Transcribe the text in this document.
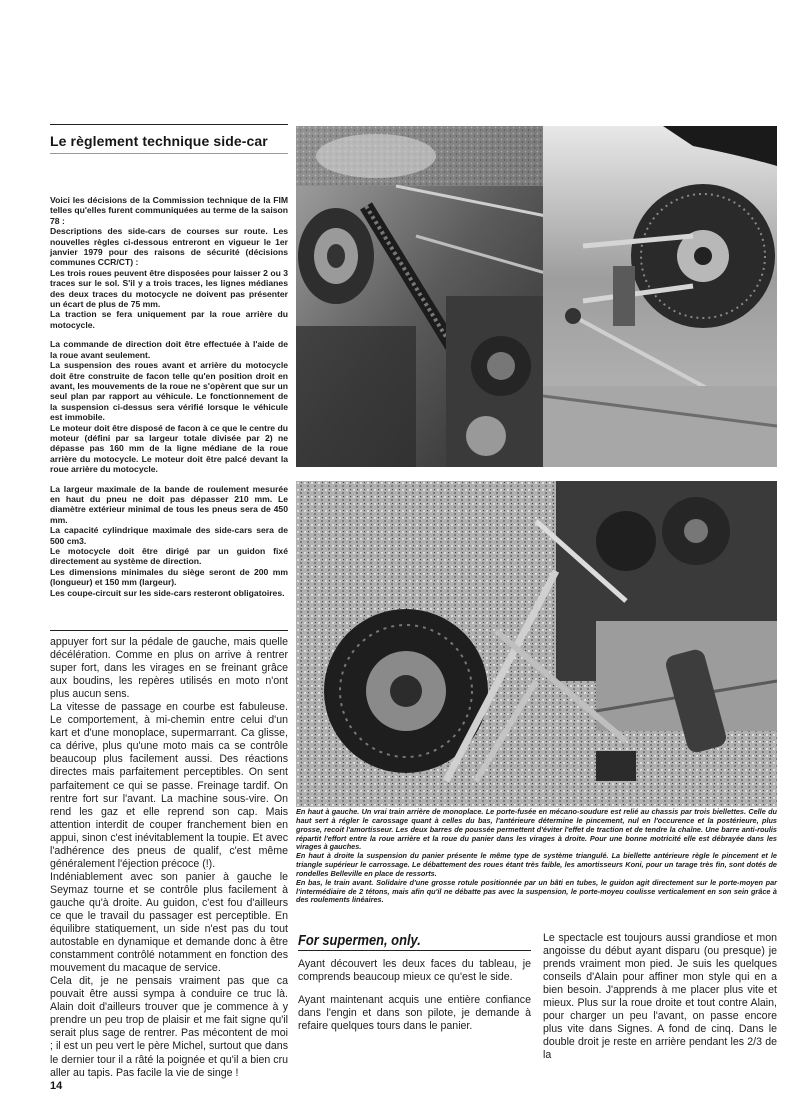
Le règlement technique side-car

Voici les décisions de la Commission technique de la FIM telles qu'elles furent communiquées au terme de la saison 78 :

Descriptions des side-cars de courses sur route. Les nouvelles règles ci-dessous entreront en vigueur le 1er janvier 1979 pour des raisons de sécurité (décisions communes CCR/CT) :

Les trois roues peuvent être disposées pour laisser 2 ou 3 traces sur le sol. S'il y a trois traces, les lignes médianes des deux traces du motocycle ne doivent pas présenter un écart de plus de 75 mm.

La traction se fera uniquement par la roue arrière du motocycle.

La commande de direction doit être effectuée à l'aide de la roue avant seulement.

La suspension des roues avant et arrière du motocycle doit être construite de facon telle qu'en position droit en avant, les mouvements de la roue ne s'opèrent que sur un seul plan par rapport au véhicule. Le fonctionnement de la suspension ci-dessus sera vérifié lorsque le véhicule est immobile.

Le moteur doit être disposé de facon à ce que le centre du moteur (défini par sa largeur totale divisée par 2) ne dépasse pas 160 mm de la ligne médiane de la roue arrière du motocycle. Le moteur doit être palcé devant la roue arrière du motocycle.

La largeur maximale de la bande de roulement mesurée en haut du pneu ne doit pas dépasser 210 mm. Le diamètre extérieur minimal de tous les pneus sera de 450 mm.

La capacité cylindrique maximale des side-cars sera de 500 cm3.

Le motocycle doit être dirigé par un guidon fixé directement au système de direction.

Les dimensions minimales du siège seront de 200 mm (longueur) et 150 mm (largeur).

Les coupe-circuit sur les side-cars resteront obligatoires.

appuyer fort sur la pédale de gauche, mais quelle décélération. Comme en plus on arrive à rentrer super fort, dans les virages en se freinant grâce aux boudins, les repères utilisés en moto n'ont plus aucun sens.

La vitesse de passage en courbe est fabuleuse. Le comportement, à mi-chemin entre celui d'un kart et d'une monoplace, supermarrant. Ca glisse, ca dérive, plus qu'une moto mais ca se contrôle beaucoup plus facilement aussi. Des réactions directes mais parfaitement perceptibles. On sent parfaitement ce qui se passe. Freinage tardif. On rentre fort sur l'avant. La machine sous-vire. On rend les gaz et elle reprend son cap. Mais attention interdit de couper franchement bien en appui, sinon c'est inévitablement la toupie. Et avec l'adhérence des pneus de qualif, c'est même généralement l'éjection précoce (!).

Indéniablement avec son panier à gauche le Seymaz tourne et se contrôle plus facilement à gauche qu'à droite. Au guidon, c'est fou d'ailleurs ce que le travail du passager est perceptible. En équilibre statiquement, un side n'est pas du tout autostable en dynamique et demande donc à être constamment contrôlé notamment en fonction des mouvement du macaque de service.

Cela dit, je ne pensais vraiment pas que ca pouvait être aussi sympa à conduire ce truc là. Alain doit d'ailleurs trouver que je commence à y prendre un peu trop de plaisir et me fait signe qu'il serait plus sage de rentrer. Pas mécontent de moi ; il est un peu vert le père Michel, surtout que dans le dernier tour il a râté la poignée et qu'il a bien cru aller au tapis. Pas facile la vie de singe !

14

En haut à gauche. Un vrai train arrière de monoplace. Le porte-fusée en mécano-soudure est relié au chassis par trois biellettes. Celle du haut sert à régler le carossage quant à celles du bas, l'antérieure détermine le pincement, nul en l'occurence et la postérieure, plus grosse, recoit l'amortisseur. Les deux barres de poussée permettent d'éviter l'effet de traction et de tendre la chaîne. Une barre anti-roulis répartit l'effort entre la roue arrière et la roue du panier dans les virages à droite. Pour une bonne motricité elle est débrayée dans les virages à gauches.

En haut à droite la suspension du panier présente le même type de système triangulé. La biellette antérieure règle le pincement et le triangle supérieur le carrossage. Le débattement des roues étant très faible, les amortisseurs Koni, pour un tarage très fin, sont dotés de rondelles Belleville en place de ressorts.

En bas, le train avant. Solidaire d'une grosse rotule positionnée par un bâti en tubes, le guidon agit directement sur le porte-moyen par l'intermédiaire de 2 tétons, mais afin qu'il ne débatte pas avec la suspension, le porte-moyeu coulisse verticalement en son sein grâce à des roulements linéaires.

For supermen, only.

Ayant découvert les deux faces du tableau, je comprends beaucoup mieux ce qu'est le side.

Ayant maintenant acquis une entière confiance dans l'engin et dans son pilote, je demande à refaire quelques tours dans le panier.

Le spectacle est toujours aussi grandiose et mon angoisse du début ayant disparu (ou presque) je prends vraiment mon pied. Je suis les quelques conseils d'Alain pour affiner mon style qui en a bien besoin. J'apprends à me placer plus vite et mieux. Plus sur la roue droite et tout contre Alain, pour charger un peu l'avant, on passe encore plus vite dans Signes. A fond de cinq. Dans le double droit je reste en arrière pendant les 2/3 de la
